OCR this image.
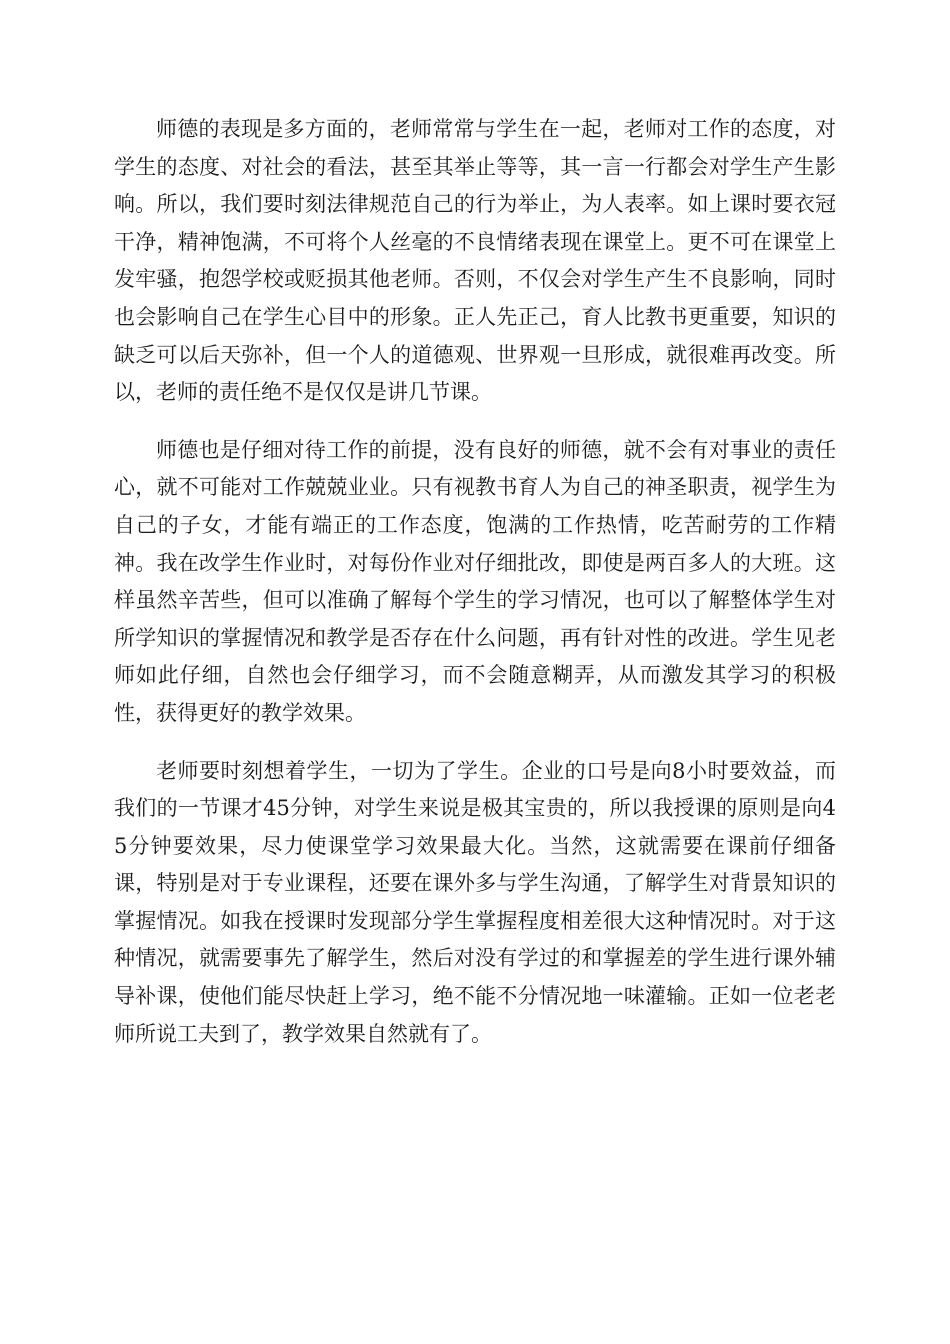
师德的表现是多方面的，老师常常与学生在一起，老师对工作的态度，对学生的态度、对社会的看法，甚至其举止等等，其一言一行都会对学生产生影响。所以，我们要时刻法律规范自己的行为举止，为人表率。如上课时要衣冠干净，精神饱满，不可将个人丝毫的不良情绪表现在课堂上。更不可在课堂上发牢骚，抱怨学校或贬损其他老师。否则，不仅会对学生产生不良影响，同时也会影响自己在学生心目中的形象。正人先正己，育人比教书更重要，知识的缺乏可以后天弥补，但一个人的道德观、世界观一旦形成，就很难再改变。所以，老师的责任绝不是仅仅是讲几节课。

师德也是仔细对待工作的前提，没有良好的师德，就不会有对事业的责任心，就不可能对工作兢兢业业。只有视教书育人为自己的神圣职责，视学生为自己的子女，才能有端正的工作态度，饱满的工作热情，吃苦耐劳的工作精神。我在改学生作业时，对每份作业对仔细批改，即使是两百多人的大班。这样虽然辛苦些，但可以准确了解每个学生的学习情况，也可以了解整体学生对所学知识的掌握情况和教学是否存在什么问题，再有针对性的改进。学生见老师如此仔细，自然也会仔细学习，而不会随意糊弄，从而激发其学习的积极性，获得更好的教学效果。

老师要时刻想着学生，一切为了学生。企业的口号是向8小时要效益，而我们的一节课才45分钟，对学生来说是极其宝贵的，所以我授课的原则是向45分钟要效果，尽力使课堂学习效果最大化。当然，这就需要在课前仔细备课，特别是对于专业课程，还要在课外多与学生沟通，了解学生对背景知识的掌握情况。如我在授课时发现部分学生掌握程度相差很大这种情况时。对于这种情况，就需要事先了解学生，然后对没有学过的和掌握差的学生进行课外辅导补课，使他们能尽快赶上学习，绝不能不分情况地一味灌输。正如一位老老师所说工夫到了，教学效果自然就有了。
